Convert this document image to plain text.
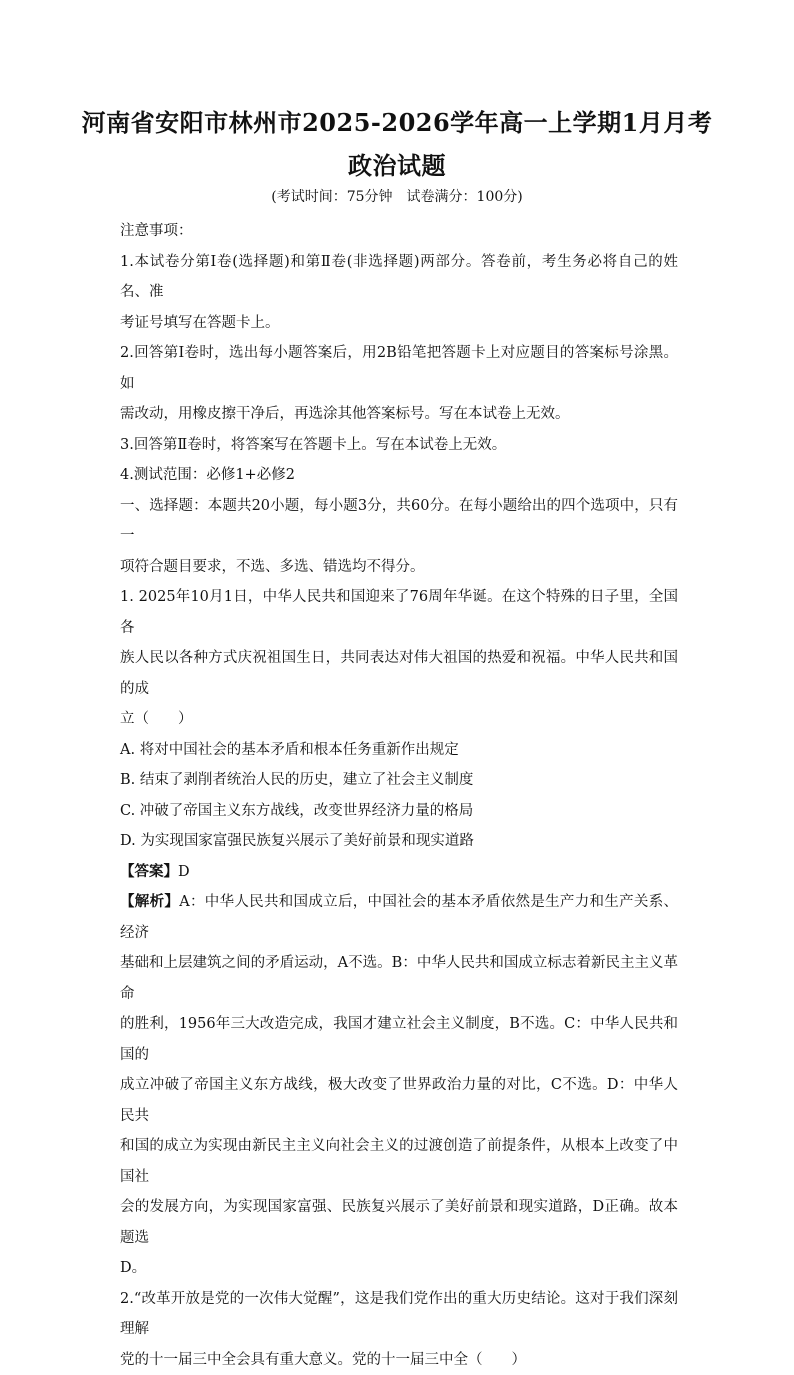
河南省安阳市林州市2025-2026学年高一上学期1月月考
政治试题
(考试时间：75分钟　试卷满分：100分)

注意事项：

1.本试卷分第Ⅰ卷(选择题)和第Ⅱ卷(非选择题)两部分。答卷前，考生务必将自己的姓名、准

考证号填写在答题卡上。

2.回答第Ⅰ卷时，选出每小题答案后，用2B铅笔把答题卡上对应题目的答案标号涂黑。如

需改动，用橡皮擦干净后，再选涂其他答案标号。写在本试卷上无效。

3.回答第Ⅱ卷时，将答案写在答题卡上。写在本试卷上无效。

4.测试范围：必修1+必修2

一、选择题：本题共20小题，每小题3分，共60分。在每小题给出的四个选项中，只有一

项符合题目要求，不选、多选、错选均不得分。

1. 2025年10月1日，中华人民共和国迎来了76周年华诞。在这个特殊的日子里，全国各

族人民以各种方式庆祝祖国生日，共同表达对伟大祖国的热爱和祝福。中华人民共和国的成

立（　　）

A. 将对中国社会的基本矛盾和根本任务重新作出规定

B. 结束了剥削者统治人民的历史，建立了社会主义制度

C. 冲破了帝国主义东方战线，改变世界经济力量的格局

D. 为实现国家富强民族复兴展示了美好前景和现实道路

【答案】D

【解析】A：中华人民共和国成立后，中国社会的基本矛盾依然是生产力和生产关系、经济

基础和上层建筑之间的矛盾运动，A不选。B：中华人民共和国成立标志着新民主主义革命

的胜利，1956年三大改造完成，我国才建立社会主义制度，B不选。C：中华人民共和国的

成立冲破了帝国主义东方战线，极大改变了世界政治力量的对比，C不选。D：中华人民共

和国的成立为实现由新民主主义向社会主义的过渡创造了前提条件，从根本上改变了中国社

会的发展方向，为实现国家富强、民族复兴展示了美好前景和现实道路，D正确。故本题选

D。

2.“改革开放是党的一次伟大觉醒”，这是我们党作出的重大历史结论。这对于我们深刻理解

党的十一届三中全会具有重大意义。党的十一届三中全（　　）
